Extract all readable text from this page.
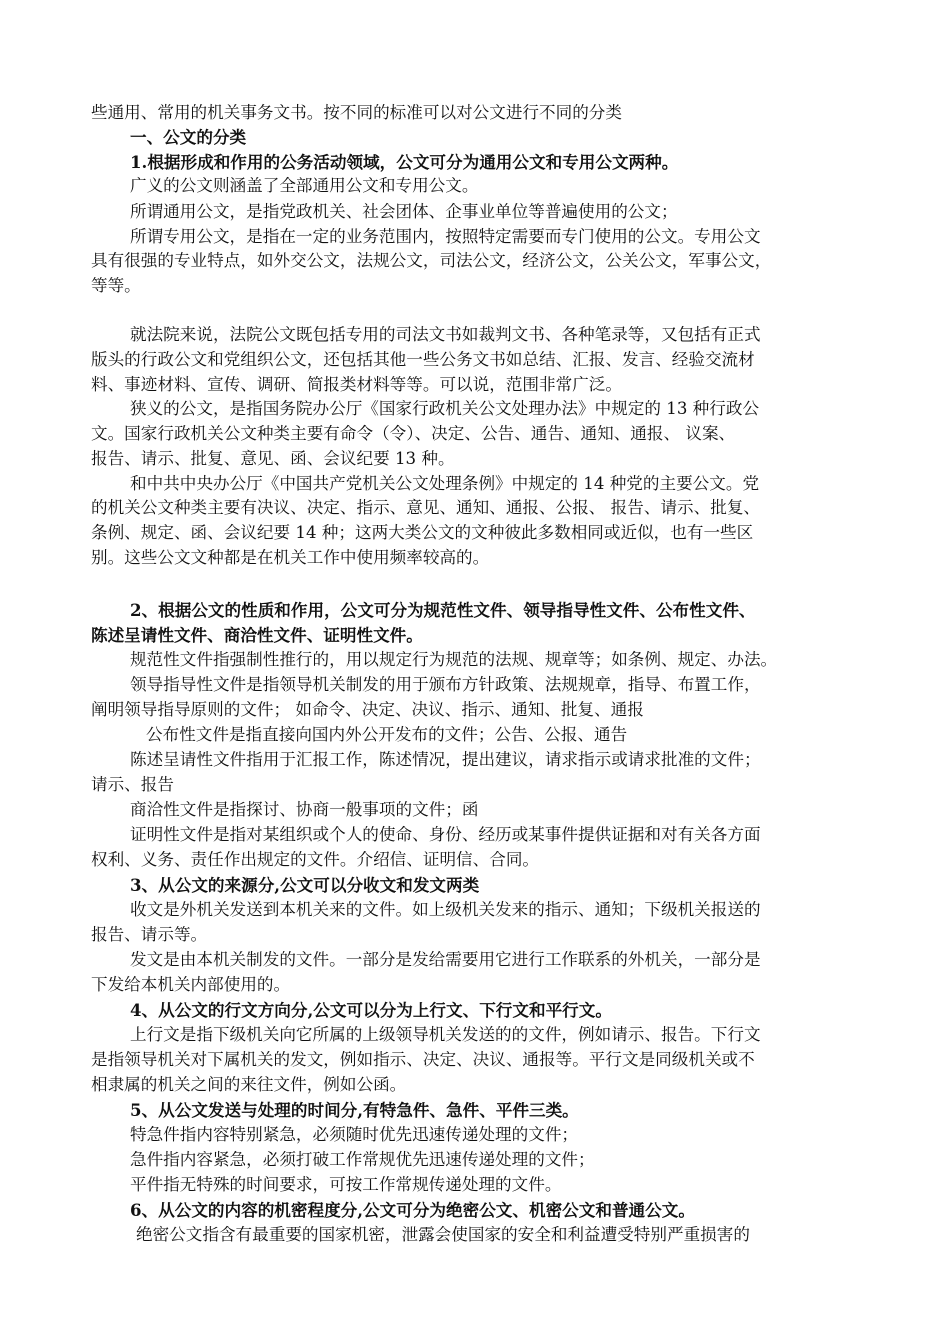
些通用、常用的机关事务文书。按不同的标准可以对公文进行不同的分类
一、公文的分类
1.根据形成和作用的公务活动领域，公文可分为通用公文和专用公文两种。
广义的公文则涵盖了全部通用公文和专用公文。
所谓通用公文，是指党政机关、社会团体、企事业单位等普遍使用的公文；
所谓专用公文，是指在一定的业务范围内，按照特定需要而专门使用的公文。专用公文
具有很强的专业特点，如外交公文，法规公文，司法公文，经济公文，公关公文，军事公文，
等等。
就法院来说，法院公文既包括专用的司法文书如裁判文书、各种笔录等，又包括有正式
版头的行政公文和党组织公文，还包括其他一些公务文书如总结、汇报、发言、经验交流材
料、事迹材料、宣传、调研、简报类材料等等。可以说，范围非常广泛。
狭义的公文，是指国务院办公厅《国家行政机关公文处理办法》中规定的 13 种行政公
文。国家行政机关公文种类主要有命令（令）、决定、公告、通告、通知、通报、 议案、
报告、请示、批复、意见、函、会议纪要 13 种。
和中共中央办公厅《中国共产党机关公文处理条例》中规定的 14 种党的主要公文。党
的机关公文种类主要有决议、决定、指示、意见、通知、通报、公报、 报告、请示、批复、
条例、规定、函、会议纪要 14 种；这两大类公文的文种彼此多数相同或近似，也有一些区
别。这些公文文种都是在机关工作中使用频率较高的。
2、根据公文的性质和作用，公文可分为规范性文件、领导指导性文件、公布性文件、
陈述呈请性文件、商洽性文件、证明性文件。
规范性文件指强制性推行的，用以规定行为规范的法规、规章等；如条例、规定、办法。
领导指导性文件是指领导机关制发的用于颁布方针政策、法规规章，指导、布置工作，
阐明领导指导原则的文件； 如命令、决定、决议、指示、通知、批复、通报
公布性文件是指直接向国内外公开发布的文件；公告、公报、通告
陈述呈请性文件指用于汇报工作，陈述情况，提出建议，请求指示或请求批准的文件；
请示、报告
商洽性文件是指探讨、协商一般事项的文件；函
证明性文件是指对某组织或个人的使命、身份、经历或某事件提供证据和对有关各方面
权利、义务、责任作出规定的文件。介绍信、证明信、合同。
3、从公文的来源分,公文可以分收文和发文两类
收文是外机关发送到本机关来的文件。如上级机关发来的指示、通知；下级机关报送的
报告、请示等。
发文是由本机关制发的文件。一部分是发给需要用它进行工作联系的外机关，一部分是
下发给本机关内部使用的。
4、从公文的行文方向分,公文可以分为上行文、下行文和平行文。
上行文是指下级机关向它所属的上级领导机关发送的的文件，例如请示、报告。下行文
是指领导机关对下属机关的发文，例如指示、决定、决议、通报等。平行文是同级机关或不
相隶属的机关之间的来往文件，例如公函。
5、从公文发送与处理的时间分,有特急件、急件、平件三类。
特急件指内容特别紧急，必须随时优先迅速传递处理的文件；
急件指内容紧急，必须打破工作常规优先迅速传递处理的文件；
平件指无特殊的时间要求，可按工作常规传递处理的文件。
6、从公文的内容的机密程度分,公文可分为绝密公文、机密公文和普通公文。
绝密公文指含有最重要的国家机密，泄露会使国家的安全和利益遭受特别严重损害的
